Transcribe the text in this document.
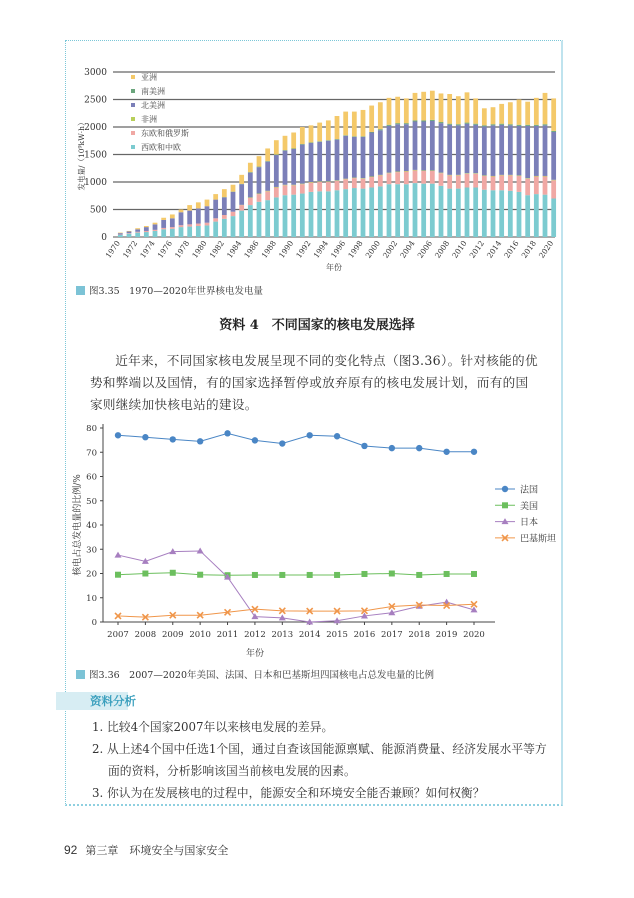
0
500
1000
1500
2000
2500
3000
1970 1972 1974 1976 1978 1980 1982 1984 1986 1988 1990 1992 1994 1996 1998 2000 2002 2004 2006 2008 2010 2012 2014 2016 2018 2020
年份
发电量/（10⁹kW·h）
亚洲
南美洲
北美洲
非洲
东欧和俄罗斯
西欧和中欧
图3.35　1970—2020年世界核电发电量
资料 4　不同国家的核电发展选择
近年来，不同国家核电发展呈现不同的变化特点（图3.36）。针对核能的优势和弊端以及国情，有的国家选择暂停或放弃原有的核电发展计划，而有的国家则继续加快核电站的建设。
0
10
20
30
40
50
60
70
80
2007 2008 2009 2010 2011 2012 2013 2014 2015 2016 2017 2018 2019 2020
年份
核电占总发电量的比例/%	法国
美国
日本
巴基斯坦
图3.36　2007—2020年美国、法国、日本和巴基斯坦四国核电占总发电量的比例
资料分析
1. 比较4个国家2007年以来核电发展的差异。
2. 从上述4个国中任选1个国，通过自查该国能源禀赋、能源消费量、经济发展水平等方面的资料，分析影响该国当前核电发展的因素。
3. 你认为在发展核电的过程中，能源安全和环境安全能否兼顾？如何权衡？
92 第三章　环境安全与国家安全
